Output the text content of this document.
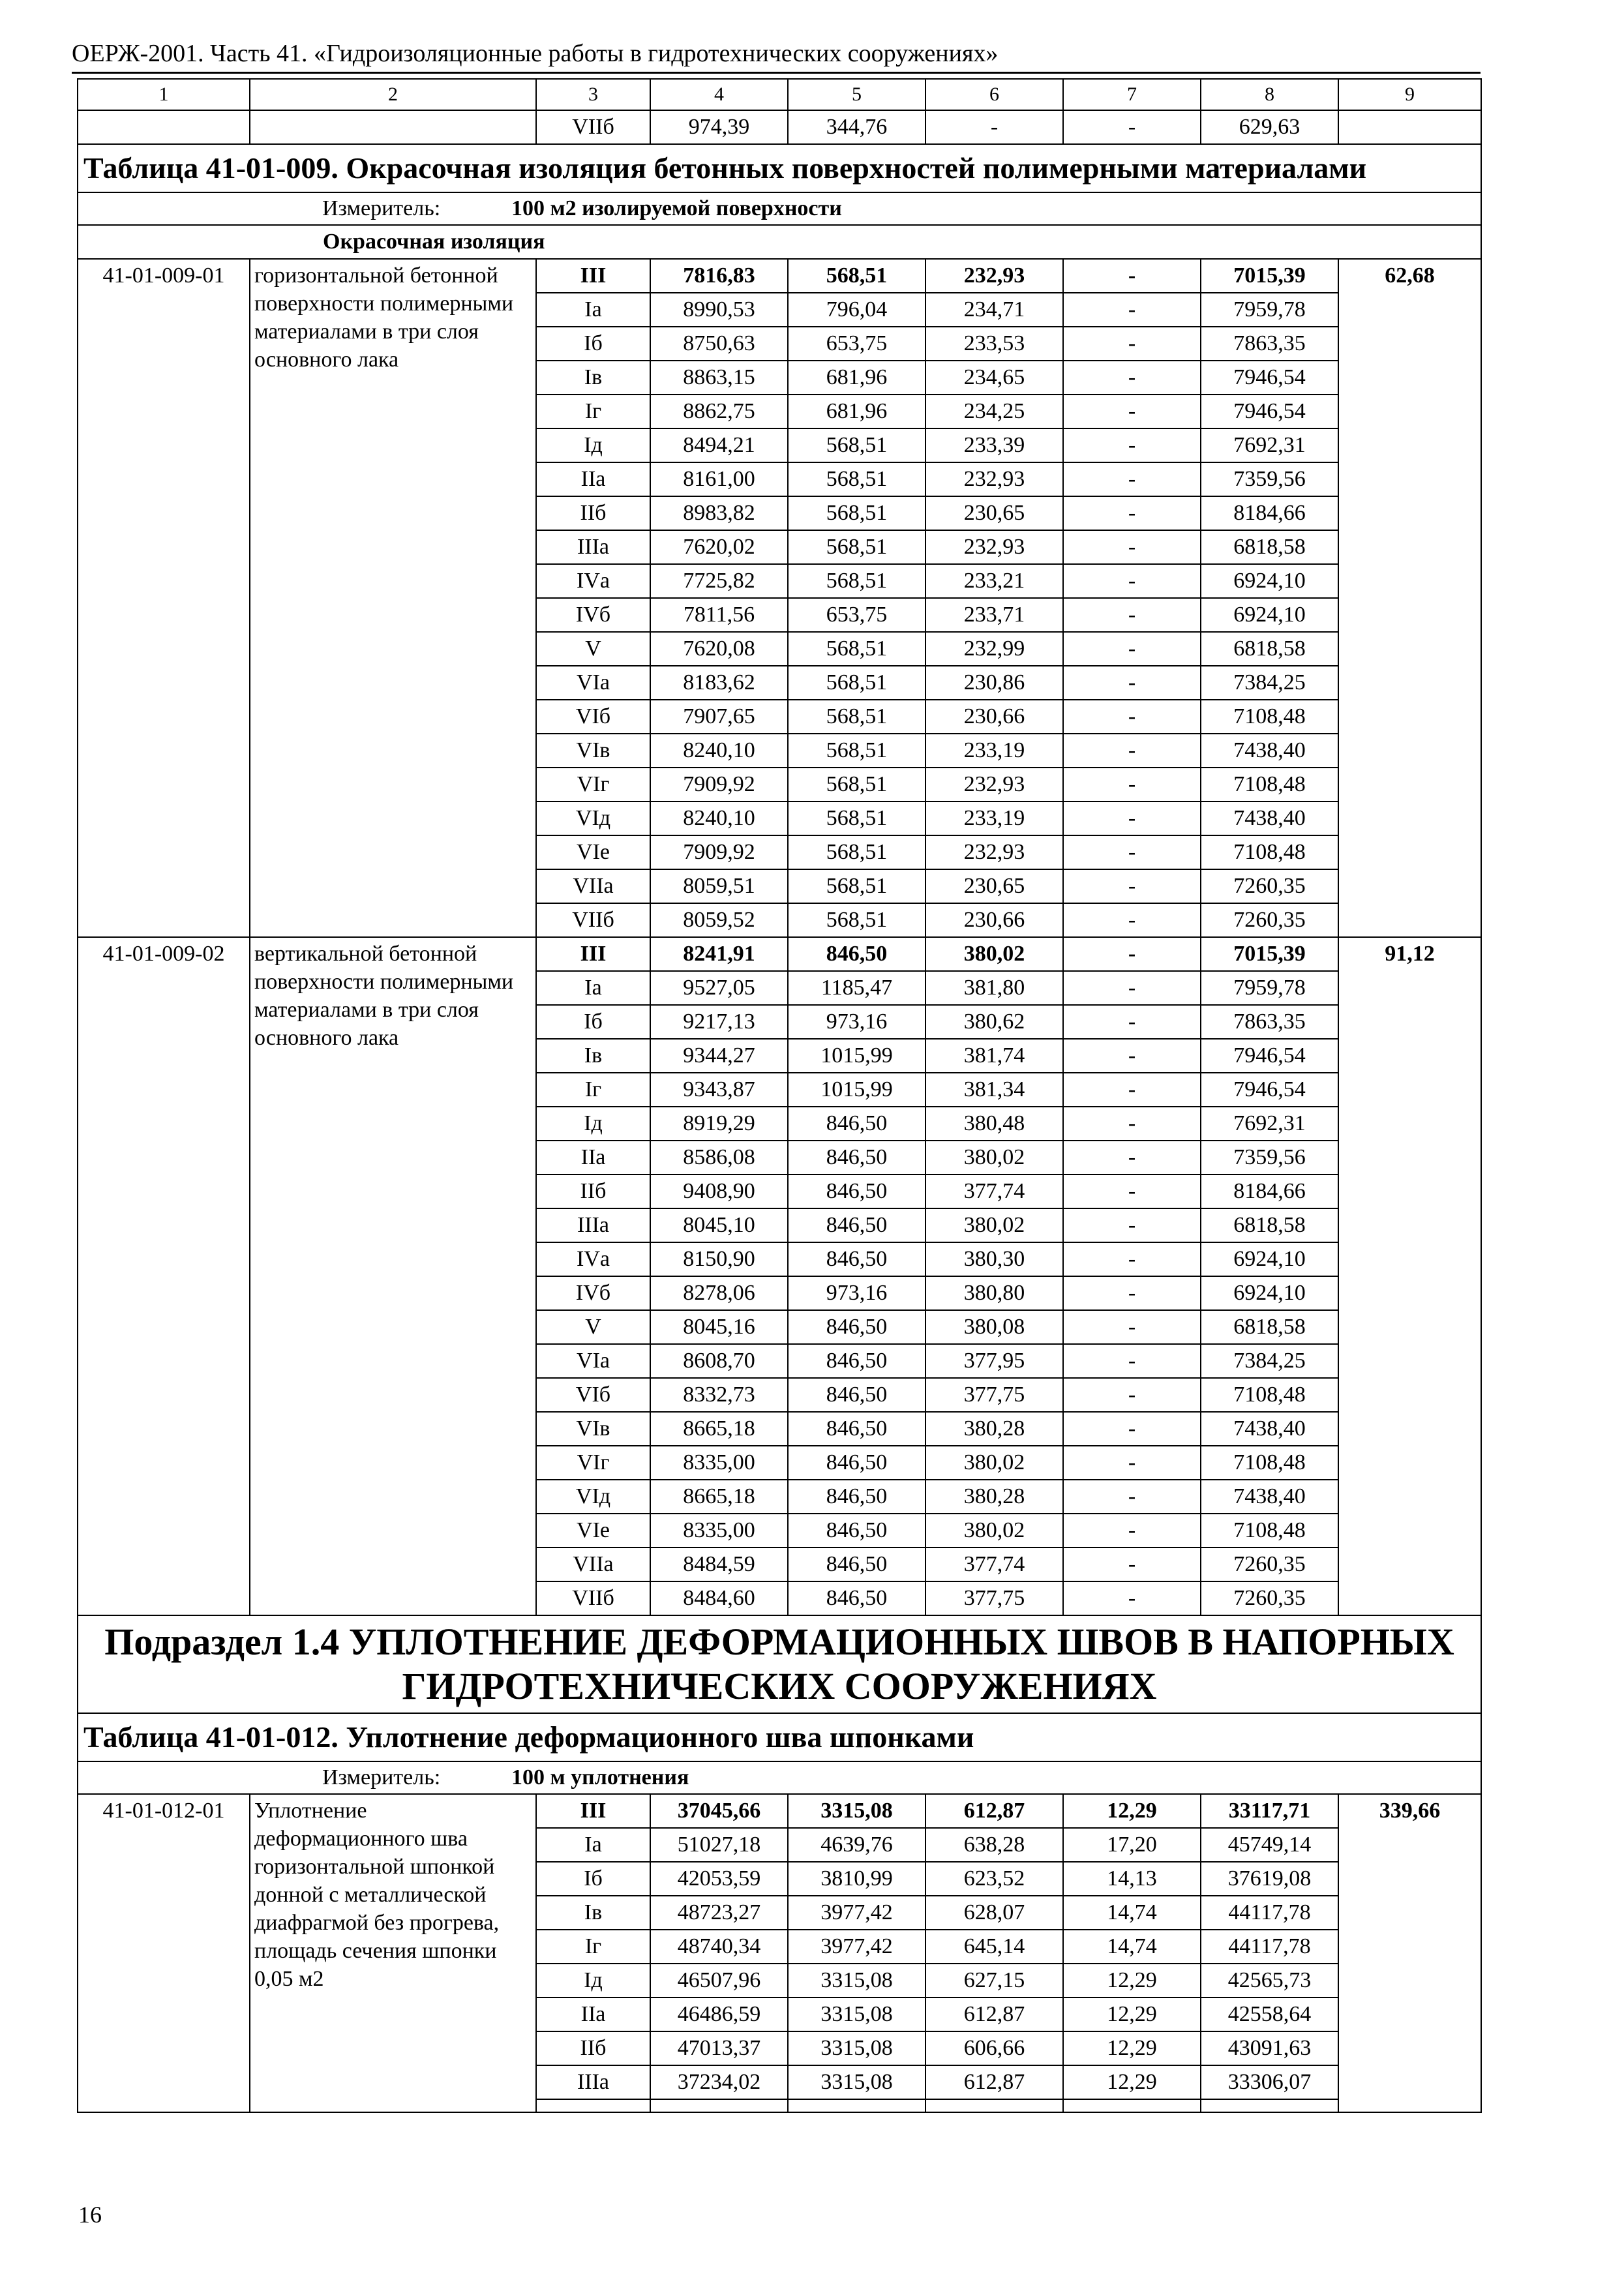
ОЕРЖ-2001. Часть 41. «Гидроизоляционные работы в гидротехнических сооружениях»
1	2	3	4	5	6	7	8	9
		VIIб	974,39	344,76	-	-	629,63	
Таблица 41-01-009. Окрасочная изоляция бетонных поверхностей полимерными материалами								
Измеритель: 100 м2 изолируемой поверхности								
Окрасочная изоляция								
41-01-009-01	горизонтальной бетонной поверхности полимерными материалами в три слоя основного лака	III	7816,83	568,51	232,93	-	7015,39	62,68
		Iа	8990,53	796,04	234,71	-	7959,78	
		Iб	8750,63	653,75	233,53	-	7863,35	
		Iв	8863,15	681,96	234,65	-	7946,54	
		Iг	8862,75	681,96	234,25	-	7946,54	
		Iд	8494,21	568,51	233,39	-	7692,31	
		IIа	8161,00	568,51	232,93	-	7359,56	
		IIб	8983,82	568,51	230,65	-	8184,66	
		IIIа	7620,02	568,51	232,93	-	6818,58	
		IVа	7725,82	568,51	233,21	-	6924,10	
		IVб	7811,56	653,75	233,71	-	6924,10	
		V	7620,08	568,51	232,99	-	6818,58	
		VIа	8183,62	568,51	230,86	-	7384,25	
		VIб	7907,65	568,51	230,66	-	7108,48	
		VIв	8240,10	568,51	233,19	-	7438,40	
		VIг	7909,92	568,51	232,93	-	7108,48	
		VIд	8240,10	568,51	233,19	-	7438,40	
		VIе	7909,92	568,51	232,93	-	7108,48	
		VIIа	8059,51	568,51	230,65	-	7260,35	
		VIIб	8059,52	568,51	230,66	-	7260,35	
41-01-009-02	вертикальной бетонной поверхности полимерными материалами в три слоя основного лака	III	8241,91	846,50	380,02	-	7015,39	91,12
		Iа	9527,05	1185,47	381,80	-	7959,78	
		Iб	9217,13	973,16	380,62	-	7863,35	
		Iв	9344,27	1015,99	381,74	-	7946,54	
		Iг	9343,87	1015,99	381,34	-	7946,54	
		Iд	8919,29	846,50	380,48	-	7692,31	
		IIа	8586,08	846,50	380,02	-	7359,56	
		IIб	9408,90	846,50	377,74	-	8184,66	
		IIIа	8045,10	846,50	380,02	-	6818,58	
		IVа	8150,90	846,50	380,30	-	6924,10	
		IVб	8278,06	973,16	380,80	-	6924,10	
		V	8045,16	846,50	380,08	-	6818,58	
		VIа	8608,70	846,50	377,95	-	7384,25	
		VIб	8332,73	846,50	377,75	-	7108,48	
		VIв	8665,18	846,50	380,28	-	7438,40	
		VIг	8335,00	846,50	380,02	-	7108,48	
		VIд	8665,18	846,50	380,28	-	7438,40	
		VIе	8335,00	846,50	380,02	-	7108,48	
		VIIа	8484,59	846,50	377,74	-	7260,35	
		VIIб	8484,60	846,50	377,75	-	7260,35	
Подраздел 1.4 УПЛОТНЕНИЕ ДЕФОРМАЦИОННЫХ ШВОВ В НАПОРНЫХ ГИДРОТЕХНИЧЕСКИХ СООРУЖЕНИЯХ								
Таблица 41-01-012. Уплотнение деформационного шва шпонками								
Измеритель: 100 м уплотнения								
41-01-012-01	Уплотнение деформационного шва горизонтальной шпонкой донной с металлической диафрагмой без прогрева, площадь сечения шпонки 0,05 м2	III	37045,66	3315,08	612,87	12,29	33117,71	339,66
		Iа	51027,18	4639,76	638,28	17,20	45749,14	
		Iб	42053,59	3810,99	623,52	14,13	37619,08	
		Iв	48723,27	3977,42	628,07	14,74	44117,78	
		Iг	48740,34	3977,42	645,14	14,74	44117,78	
		Iд	46507,96	3315,08	627,15	12,29	42565,73	
		IIа	46486,59	3315,08	612,87	12,29	42558,64	
		IIб	47013,37	3315,08	606,66	12,29	43091,63	
		IIIа	37234,02	3315,08	612,87	12,29	33306,07	

16
